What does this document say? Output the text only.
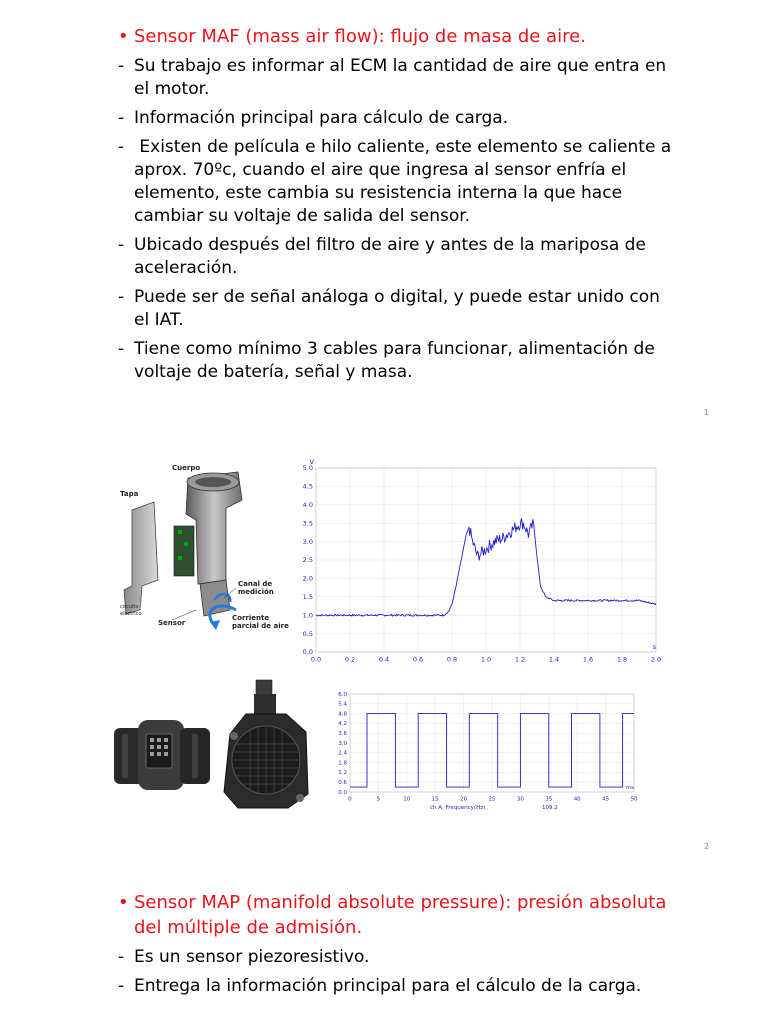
• Sensor MAF (mass air flow): flujo de masa de aire.
- Su trabajo es informar al ECM la cantidad de aire que entra en el motor.
- Información principal para cálculo de carga.
- Existen de película e hilo caliente, este elemento se caliente a aprox. 70ºc, cuando el aire que ingresa al sensor enfría el elemento, este cambia su resistencia interna la que hace cambiar su voltaje de salida del sensor.
- Ubicado después del filtro de aire y antes de la mariposa de aceleración.
- Puede ser de señal análoga o digital, y puede estar unido con el IAT.
- Tiene como mínimo 3 cables para funcionar, alimentación de voltaje de batería, señal y masa.
1
Cuerpo
Tapa
circuito eléctrico
Sensor
Canal de medición
Corriente parcial de aire
0.0
0.5
1.0
1.5
2.0
2.5
3.0
3.5
4.0
4.5
5.0
0.0	0.2	0.4	0.6	0.8	1.0	1.2	1.4	1.6	1.8	2.0
V
s
0.0
0.6
1.2
1.8
2.4
3.0
3.6
4.2
4.8
5.4
6.0
0	5	10	15	20	25	30	35	40	45	50
ms
ch A: Frequency(Hz)	109.2
2
• Sensor MAP (manifold absolute pressure): presión absoluta del múltiple de admisión.
- Es un sensor piezoresistivo.
- Entrega la información principal para el cálculo de la carga.
